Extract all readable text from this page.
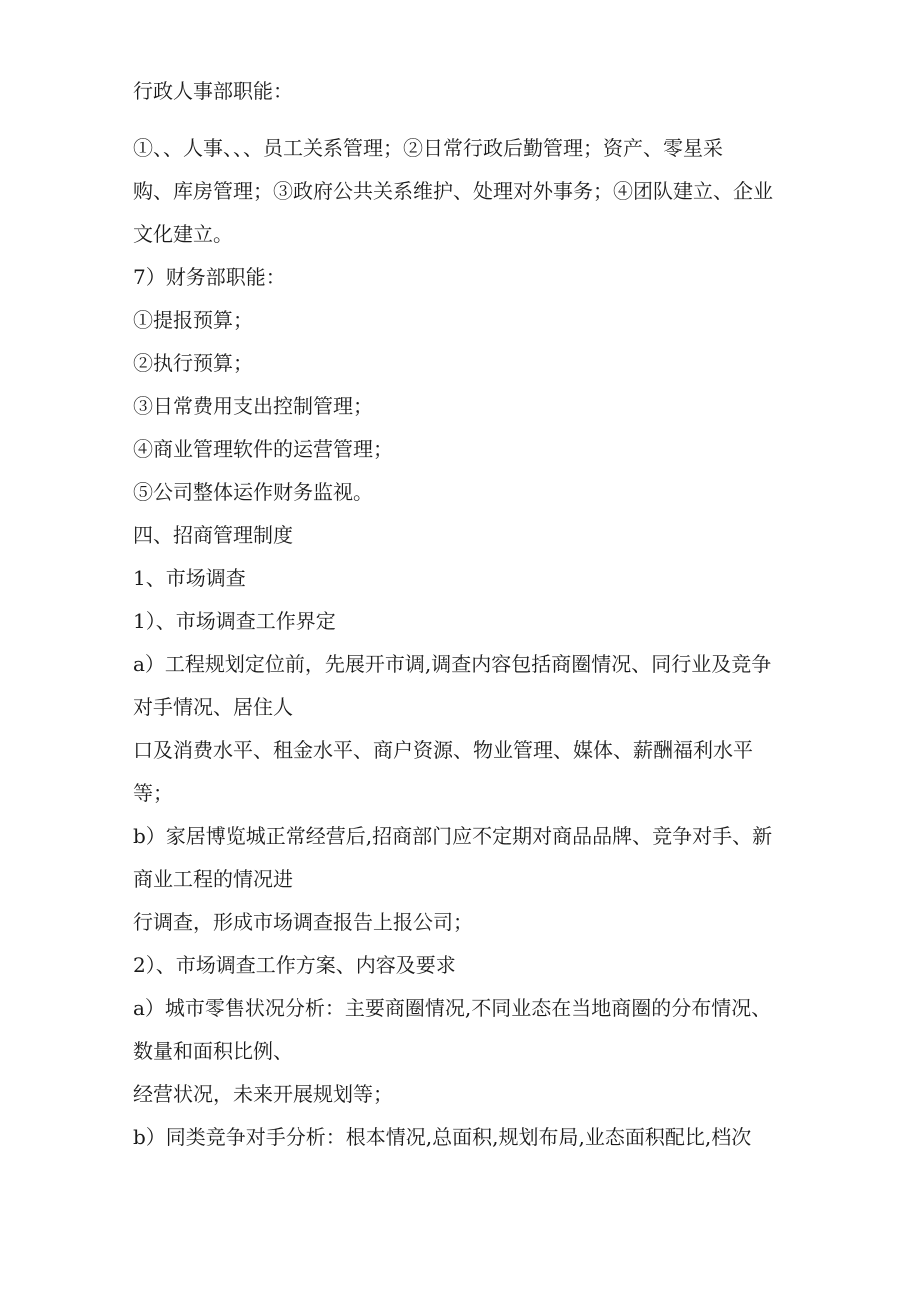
行政人事部职能：
①、、人事、、、员工关系管理；②日常行政后勤管理；资产、零星采
购、库房管理；③政府公共关系维护、处理对外事务；④团队建立、企业
文化建立。
7）财务部职能：
①提报预算；
②执行预算；
③日常费用支出控制管理；
④商业管理软件的运营管理；
⑤公司整体运作财务监视。
四、招商管理制度
1、市场调查
1）、市场调查工作界定
a）工程规划定位前，先展开市调,调查内容包括商圈情况、同行业及竞争
对手情况、居住人
口及消费水平、租金水平、商户资源、物业管理、媒体、薪酬福利水平
等；
b）家居博览城正常经营后,招商部门应不定期对商品品牌、竞争对手、新
商业工程的情况进
行调查，形成市场调查报告上报公司；
2）、市场调查工作方案、内容及要求
a）城市零售状况分析：主要商圈情况,不同业态在当地商圈的分布情况、
数量和面积比例、
经营状况，未来开展规划等；
b）同类竞争对手分析：根本情况,总面积,规划布局,业态面积配比,档次
